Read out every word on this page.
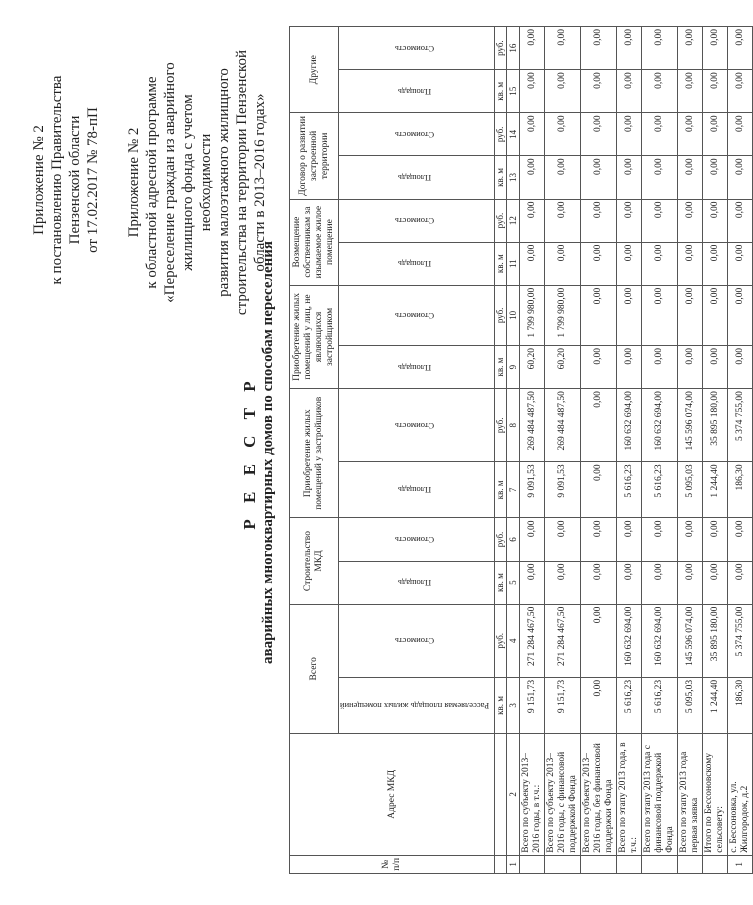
Приложение № 2 к постановлению Правительства Пензенской области от 17.02.2017 № 78-пП Приложение № 2 к областной адресной программе «Переселение граждан из аварийного жилищного фонда с учетом необходимости развития малоэтажного жилищного строительства на территории Пензенской области в 2013–2016 годах»
Р Е Е С Т Р аварийных многоквартирных домов по способам переселения
№ п/п	Адрес МКД	Всего		Строительство МКД		Приобретение жилых помещений у застройщиков		Приобретение жилых помещений у лиц, не являющихся застройщиком		Возмещение собственникам за изымаемое жилое помещение		Договор о развитии застроенной территории		Другие	
		Расселяемая площадь жилых помещений	Стоимость	Площадь	Стоимость	Площадь	Стоимость	Площадь	Стоимость	Площадь	Стоимость	Площадь	Стоимость	Площадь	Стоимость
		кв. м	руб.	кв. м	руб.	кв. м	руб.	кв. м	руб.	кв. м	руб.	кв. м	руб.	кв. м	руб.
1	2	3	4	5	6	7	8	9	10	11	12	13	14	15	16
	Всего по субъекту 2013–2016 годы, в т.ч.:	9 151,73	271 284 467,50	0,00	0,00	9 091,53	269 484 487,50	60,20	1 799 980,00	0,00	0,00	0,00	0,00	0,00	0,00
	Всего по субъекту 2013–2016 годы, с финансовой поддержкой Фонда	9 151,73	271 284 467,50	0,00	0,00	9 091,53	269 484 487,50	60,20	1 799 980,00	0,00	0,00	0,00	0,00	0,00	0,00
	Всего по субъекту 2013–2016 годы, без финансовой поддержки Фонда	0,00	0,00	0,00	0,00	0,00	0,00	0,00	0,00	0,00	0,00	0,00	0,00	0,00	0,00
	Всего по этапу 2013 года, в т.ч.:	5 616,23	160 632 694,00	0,00	0,00	5 616,23	160 632 694,00	0,00	0,00	0,00	0,00	0,00	0,00	0,00	0,00
	Всего по этапу 2013 года с финансовой поддержкой Фонда	5 616,23	160 632 694,00	0,00	0,00	5 616,23	160 632 694,00	0,00	0,00	0,00	0,00	0,00	0,00	0,00	0,00
	Всего по этапу 2013 года первая заявка	5 095,03	145 596 074,00	0,00	0,00	5 095,03	145 596 074,00	0,00	0,00	0,00	0,00	0,00	0,00	0,00	0,00
	Итого по Бессоновскому сельсовету:	1 244,40	35 895 180,00	0,00	0,00	1 244,40	35 895 180,00	0,00	0,00	0,00	0,00	0,00	0,00	0,00	0,00
1	с. Бессоновка, ул. Жилгородок, д.2	186,30	5 374 755,00	0,00	0,00	186,30	5 374 755,00	0,00	0,00	0,00	0,00	0,00	0,00	0,00	0,00
